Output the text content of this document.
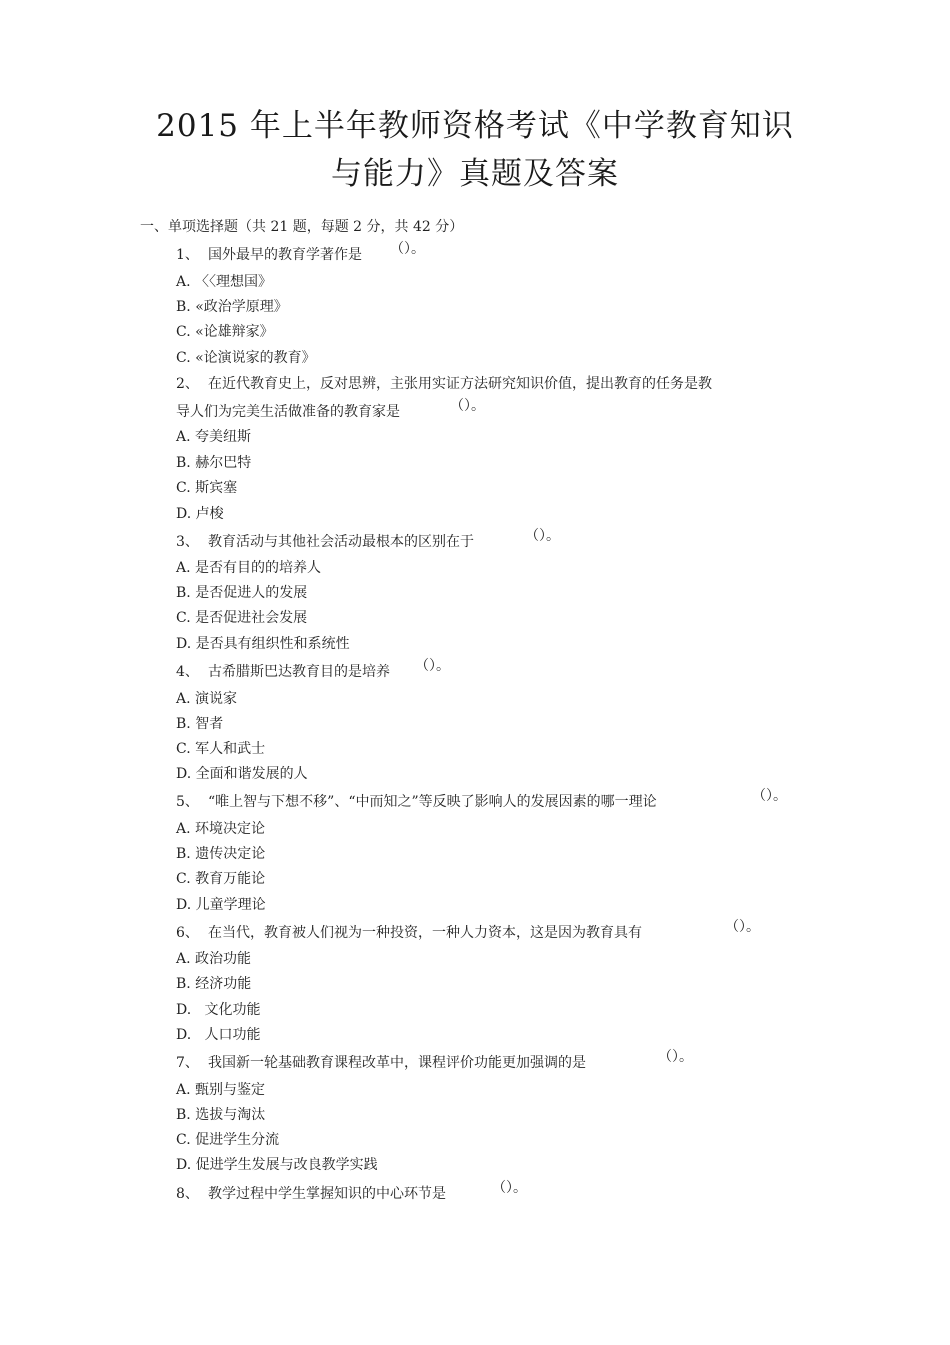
2015 年上半年教师资格考试《中学教育知识
与能力》真题及答案
一、单项选择题（共 21 题，每题 2 分，共 42 分）
1、 国外最早的教育学著作是 （）。
A. 〈〈理想国》
B. «政治学原理》
C. «论雄辩家》
C. «论演说家的教育》
2、 在近代教育史上，反对思辨，主张用实证方法研究知识价值，提出教育的任务是教
导人们为完美生活做准备的教育家是	（）。
A. 夸美纽斯
B. 赫尔巴特
C. 斯宾塞
D. 卢梭
3、 教育活动与其他社会活动最根本的区别在于	（）。
A. 是否有目的的培养人
B. 是否促进人的发展
C. 是否促进社会发展
D. 是否具有组织性和系统性
4、 古希腊斯巴达教育目的是培养 （）。
A. 演说家
B. 智者
C. 军人和武士
D. 全面和谐发展的人
5、 “唯上智与下想不移”、“中而知之”等反映了影响人的发展因素的哪一理论	（）。
A. 环境决定论
B. 遗传决定论
C. 教育万能论
D. 儿童学理论
6、 在当代，教育被人们视为一种投资，一种人力资本，这是因为教育具有	（）。
A. 政治功能
B. 经济功能
D.   文化功能
D.   人口功能
7、 我国新一轮基础教育课程改革中，课程评价功能更加强调的是	（）。
A. 甄别与鉴定
B. 选拔与淘汰
C. 促进学生分流
D. 促进学生发展与改良教学实践
8、 教学过程中学生掌握知识的中心环节是	（）。
